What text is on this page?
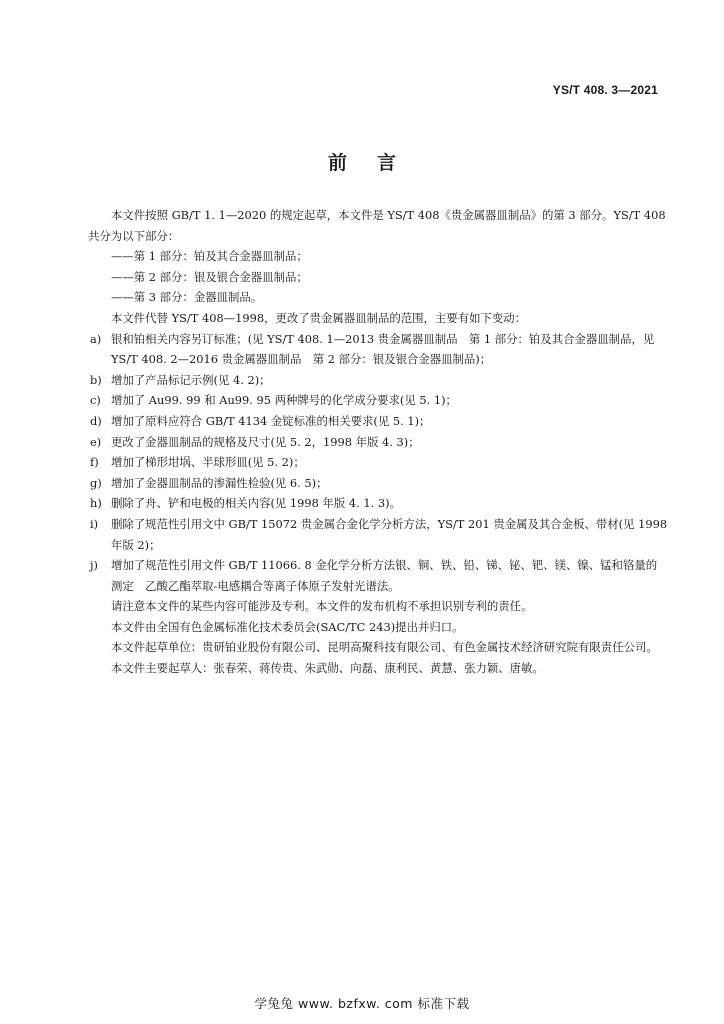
YS/T 408. 3—2021
前言

本文件按照 GB/T 1. 1—2020 的规定起草，本文件是 YS/T 408《贵金属器皿制品》的第 3 部分。YS/T 408 共分为以下部分：

——第 1 部分：铂及其合金器皿制品；

——第 2 部分：银及银合金器皿制品；

——第 3 部分：金器皿制品。

本文件代替 YS/T 408—1998，更改了贵金属器皿制品的范围，主要有如下变动：

a) 银和铂相关内容另订标准；(见 YS/T 408. 1—2013 贵金属器皿制品　第 1 部分：铂及其合金器皿制品，见 YS/T 408. 2—2016 贵金属器皿制品　第 2 部分：银及银合金器皿制品)；
b) 增加了产品标记示例(见 4. 2)；
c) 增加了 Au99. 99 和 Au99. 95 两种牌号的化学成分要求(见 5. 1)；
d) 增加了原料应符合 GB/T 4134 金锭标准的相关要求(见 5. 1)；
e) 更改了金器皿制品的规格及尺寸(见 5. 2，1998 年版 4. 3)；
f)	增加了梯形坩埚、半球形皿(见 5. 2)；
g) 增加了金器皿制品的渗漏性检验(见 6. 5)；
h) 删除了舟、铲和电极的相关内容(见 1998 年版 4. 1. 3)。
i)	删除了规范性引用文中 GB/T 15072 贵金属合金化学分析方法，YS/T 201 贵金属及其合金板、带材(见 1998 年版 2)；
j)	增加了规范性引用文件 GB/T 11066. 8 金化学分析方法银、铜、铁、铅、锑、铋、钯、镁、镍、锰和铬量的测定　乙酸乙酯萃取-电感耦合等离子体原子发射光谱法。

请注意本文件的某些内容可能涉及专利。本文件的发布机构不承担识别专利的责任。

本文件由全国有色金属标准化技术委员会(SAC/TC 243)提出并归口。

本文件起草单位：贵研铂业股份有限公司、昆明高聚科技有限公司、有色金属技术经济研究院有限责任公司。

本文件主要起草人：张春荣、蒋传贵、朱武勋、向磊、康利民、黄慧、张力颖、唐敏。

学兔兔 www. bzfxw. com 标准下载
